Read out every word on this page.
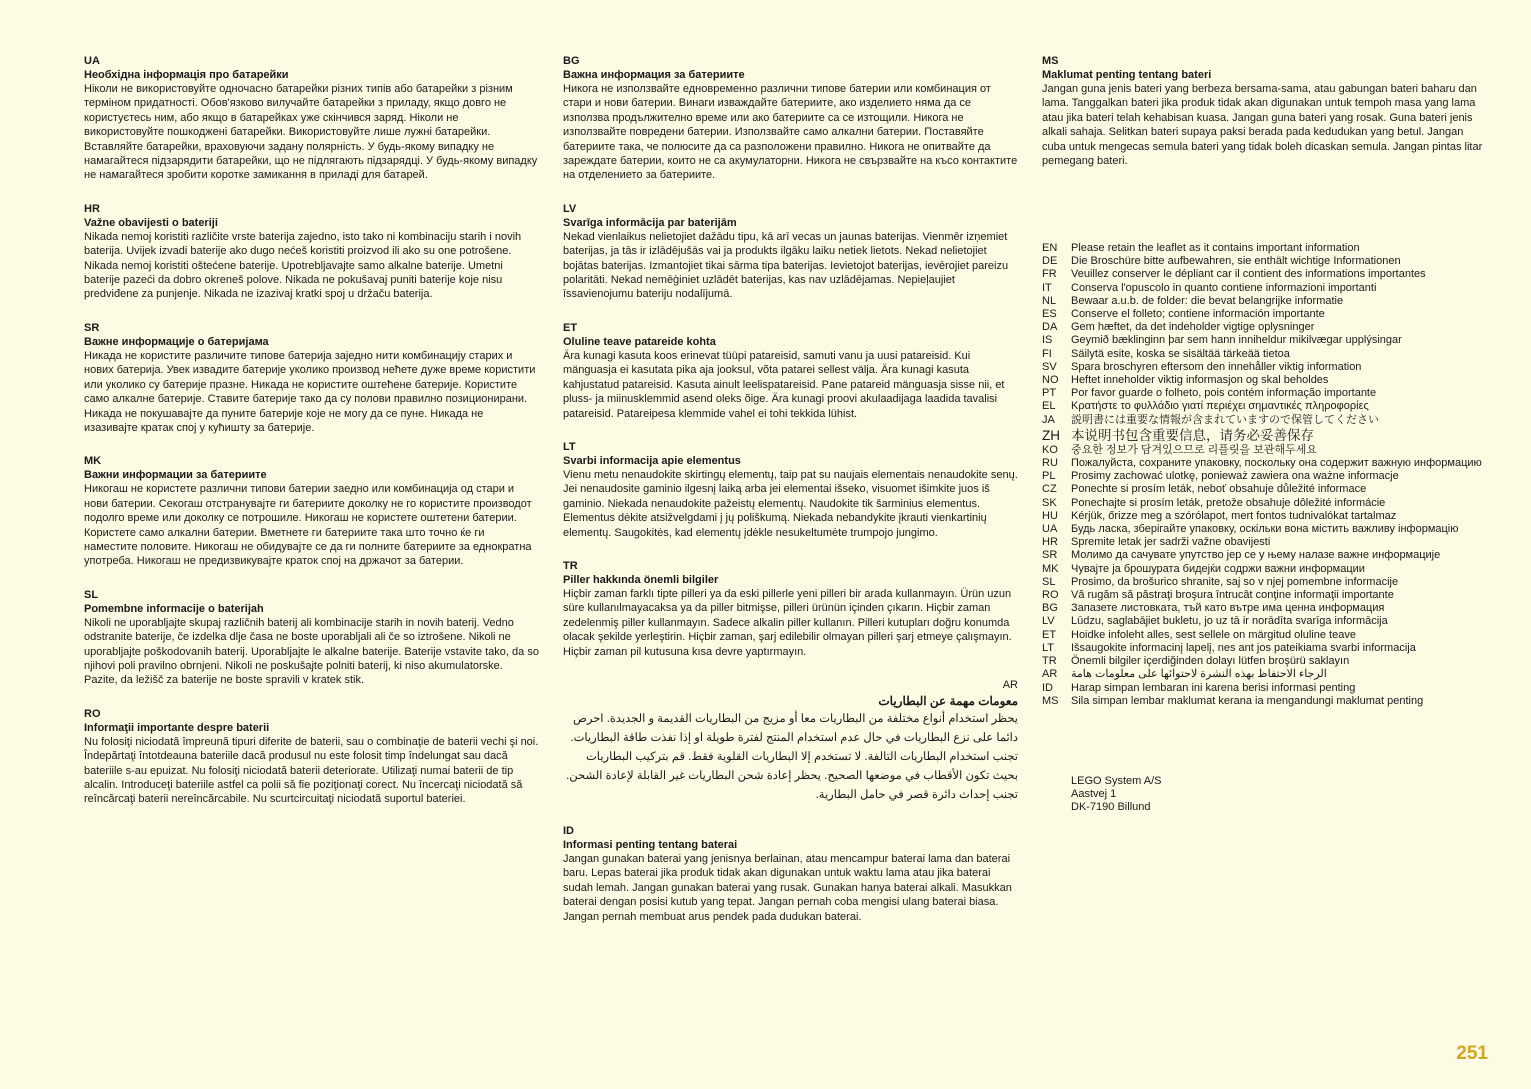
UA
Необхідна інформація про батарейки
Ніколи не використовуйте одночасно батарейки різних типів або батарейки з різним терміном придатності. Обов'язково вилучайте батарейки з приладу, якщо довго не користуєтесь ним, або якщо в батарейках уже скінчився заряд. Ніколи не використовуйте пошкоджені батарейки. Використовуйте лише лужні батарейки. Вставляйте батарейки, враховуючи задану полярність. У будь-якому випадку не намагайтеся підзарядити батарейки, що не підлягають підзарядці. У будь-якому випадку не намагайтеся зробити коротке замикання в приладі для батарей.
HR
Važne obavijesti o bateriji
Nikada nemoj koristiti različite vrste baterija zajedno, isto tako ni kombinaciju starih i novih baterija. Uvijek izvadi baterije ako dugo nećeš koristiti proizvod ili ako su one potrošene. Nikada nemoj koristiti oštećene baterije. Upotrebljavajte samo alkalne baterije. Umetni baterije pazeći da dobro okreneš polove. Nikada ne pokušavaj puniti baterije koje nisu predviđene za punjenje. Nikada ne izazivaj kratki spoj u držaču baterija.
SR
Важне информације о батеријама
Никада не користите различите типове батерија заједно нити комбинацију старих и нових батерија. Увек извадите батерије уколико производ нећете дуже време користити или уколико су батерије празне. Никада не користите оштећене батерије. Користите само алкалне батерије. Ставите батерије тако да су полови правилно позиционирани. Никада не покушавајте да пуните батерије које не могу да се пуне. Никада не изазивајте кратак спој у кућишту за батерије.
MK
Важни информации за батериите
Никогаш не користете различни типови батерии заедно или комбинација од стари и нови батерии. Секогаш отстранувајте ги батериите доколку не го користите производот подолго време или доколку се потрошиле. Никогаш не користете оштетени батерии. Користете само алкални батерии. Вметнете ги батериите така што точно ќе ги наместите половите. Никогаш не обидувајте се да ги полните батериите за еднократна употреба. Никогаш не предизвикувајте краток спој на држачот за батерии.
SL
Pomembne informacije o baterijah
Nikoli ne uporabljajte skupaj različnih baterij ali kombinacije starih in novih baterij. Vedno odstranite baterije, če izdelka dlje časa ne boste uporabljali ali če so iztrošene. Nikoli ne uporabljajte poškodovanih baterij. Uporabljajte le alkalne baterije. Baterije vstavite tako, da so njihovi poli pravilno obrnjeni. Nikoli ne poskušajte polniti baterij, ki niso akumulatorske. Pazite, da ležišč za baterije ne boste spravili v kratek stik.
RO
Informaţii importante despre baterii
Nu folosiţi niciodată împreună tipuri diferite de baterii, sau o combinaţie de baterii vechi şi noi. Îndepărtaţi întotdeauna bateriile dacă produsul nu este folosit timp îndelungat sau dacă bateriile s-au epuizat. Nu folosiţi niciodată baterii deteriorate. Utilizaţi numai baterii de tip alcalin. Introduceţi bateriile astfel ca polii să fie poziţionaţi corect. Nu încercaţi niciodată să reîncărcaţi baterii nereîncărcabile. Nu scurtcircuitaţi niciodată suportul bateriei.
BG
Важна информация за батериите
Никога не използвайте едновременно различни типове батерии или комбинация от стари и нови батерии. Винаги изваждайте батериите, ако изделието няма да се използва продължително време или ако батериите са се изтощили. Никога не използвайте повредени батерии. Използвайте само алкални батерии. Поставяйте батериите така, че полюсите да са разположени правилно. Никога не опитвайте да зареждате батерии, които не са акумулаторни. Никога не свързвайте на късо контактите на отделението за батериите.
LV
Svarīga informācija par baterijām
Nekad vienlaikus nelietojiet dažādu tipu, kā arī vecas un jaunas baterijas. Vienmēr izņemiet baterijas, ja tās ir izlādējušās vai ja produkts ilgāku laiku netiek lietots. Nekad nelietojiet bojātas baterijas. Izmantojiet tikai sārma tipa baterijas. Ievietojot baterijas, ievērojiet pareizu polaritāti. Nekad nemēģiniet uzlādēt baterijas, kas nav uzlādējamas. Nepieļaujiet īssavienojumu bateriju nodalījumā.
ET
Oluline teave patareide kohta
Ära kunagi kasuta koos erinevat tüüpi patareisid, samuti vanu ja uusi patareisid. Kui mänguasja ei kasutata pika aja jooksul, võta patarei sellest välja. Ära kunagi kasuta kahjustatud patareisid. Kasuta ainult leelispatareisid. Pane patareid mänguasja sisse nii, et pluss- ja miinusklemmid asend oleks õige. Ära kunagi proovi akulaadijaga laadida tavalisi patareisid. Patareipesa klemmide vahel ei tohi tekkida lühist.
LT
Svarbi informacija apie elementus
Vienu metu nenaudokite skirtingų elementų, taip pat su naujais elementais nenaudokite senų. Jei nenaudosite gaminio ilgesnį laiką arba jei elementai išseko, visuomet išimkite juos iš gaminio. Niekada nenaudokite pažeistų elementų. Naudokite tik šarminius elementus. Elementus dėkite atsižvelgdami į jų poliškumą. Niekada nebandykite įkrauti vienkartinių elementų. Saugokitės, kad elementų įdėkle nesukeltumėte trumpojo jungimo.
TR
Piller hakkında önemli bilgiler
Hiçbir zaman farklı tipte pilleri ya da eski pillerle yeni pilleri bir arada kullanmayın. Ürün uzun süre kullanılmayacaksa ya da piller bitmişse, pilleri ürünün içinden çıkarın. Hiçbir zaman zedelenmiş piller kullanmayın. Sadece alkalin piller kullanın. Pilleri kutupları doğru konumda olacak şekilde yerleştirin. Hiçbir zaman, şarj edilebilir olmayan pilleri şarj etmeye çalışmayın. Hiçbir zaman pil kutusuna kısa devre yaptırmayın.
AR
معومات مهمة عن البطاريات
يحظر استخدام أنواع مختلفة من البطاريات معا أو مزيج من البطاريات القديمة و الجديدة. احرص دائما على نزع البطاريات في حال عدم استخدام المنتج لفترة طويلة او إذا نفذت طاقة البطاريات. تجنب استخدام البطاريات التالفة. لا تستخدم إلا البطاريات القلوية فقط. قم بتركيب البطاريات بحيث تكون الأقطاب في موضعها الصحيح. يحظر إعادة شحن البطاريات غير القابلة لإعادة الشحن. تجنب إحداث دائرة قصر في حامل البطارية.
ID
Informasi penting tentang baterai
Jangan gunakan baterai yang jenisnya berlainan, atau mencampur baterai lama dan baterai baru. Lepas baterai jika produk tidak akan digunakan untuk waktu lama atau jika baterai sudah lemah. Jangan gunakan baterai yang rusak. Gunakan hanya baterai alkali. Masukkan baterai dengan posisi kutub yang tepat. Jangan pernah coba mengisi ulang baterai biasa. Jangan pernah membuat arus pendek pada dudukan baterai.
MS
Maklumat penting tentang bateri
Jangan guna jenis bateri yang berbeza bersama-sama, atau gabungan bateri baharu dan lama. Tanggalkan bateri jika produk tidak akan digunakan untuk tempoh masa yang lama atau jika bateri telah kehabisan kuasa. Jangan guna bateri yang rosak. Guna bateri jenis alkali sahaja. Selitkan bateri supaya paksi berada pada kedudukan yang betul. Jangan cuba untuk mengecas semula bateri yang tidak boleh dicaskan semula. Jangan pintas litar pemegang bateri.
EN	Please retain the leaflet as it contains important information
DE	Die Broschüre bitte aufbewahren, sie enthält wichtige Informationen
FR	Veuillez conserver le dépliant car il contient des informations importantes
IT	Conserva l'opuscolo in quanto contiene informazioni importanti
NL	Bewaar a.u.b. de folder: die bevat belangrijke informatie
ES	Conserve el folleto; contiene información importante
DA	Gem hæftet, da det indeholder vigtige oplysninger
IS	Geymið bæklinginn þar sem hann inniheldur mikilvægar upplýsingar
FI	Säilytä esite, koska se sisältää tärkeää tietoa
SV	Spara broschyren eftersom den innehåller viktig information
NO	Heftet inneholder viktig informasjon og skal beholdes
PT	Por favor guarde o folheto, pois contém informação importante
EL	Κρατήστε το φυλλάδιο γιατί περιέχει σημαντικές πληροφορίες
JA	説明書には重要な情報が含まれていますので保管してください
ZH 本说明书包含重要信息，请务必妥善保存
KO	중요한 정보가 담겨있으므로 리플릿을 보관해두세요
RU	Пожалуйста, сохраните упаковку, поскольку она содержит важную информацию
PL	Prosimy zachować ulotkę, ponieważ zawiera ona ważne informacje
CZ	Ponechte si prosím leták, neboť obsahuje důležité informace
SK	Ponechajte si prosím leták, pretože obsahuje dôležité informácie
HU	Kérjük, őrizze meg a szórólapot, mert fontos tudnivalókat tartalmaz
UA	Будь ласка, зберігайте упаковку, оскільки вона містить важливу інформацію
HR	Spremite letak jer sadrži važne obavijesti
SR	Молимо да сачувате упутство јер се у њему налазе важне информације
MK	Чувајте ја брошурата бидејќи содржи важни информации
SL	Prosimo, da brošurico shranite, saj so v njej pomembne informacije
RO	Vă rugăm să păstraţi broşura întrucât conţine informaţii importante
BG	Запазете листовката, тъй като вътре има ценна информация
LV	Lūdzu, saglabājiet bukletu, jo uz tā ir norādīta svarīga informācija
ET	Hoidke infoleht alles, sest sellele on märgitud oluline teave
LT	Išsaugokite informacinį lapelį, nes ant jos pateikiama svarbi informacija
TR	Önemli bilgiler içerdiğinden dolayı lütfen broşürü saklayın
AR	الرجاء الاحتفاظ بهذه النشرة لاحتوائها على معلومات هامة
ID	Harap simpan lembaran ini karena berisi informasi penting
MS	Sila simpan lembar maklumat kerana ia mengandungi maklumat penting
LEGO System A/S
Aastvej 1
DK-7190 Billund
251
